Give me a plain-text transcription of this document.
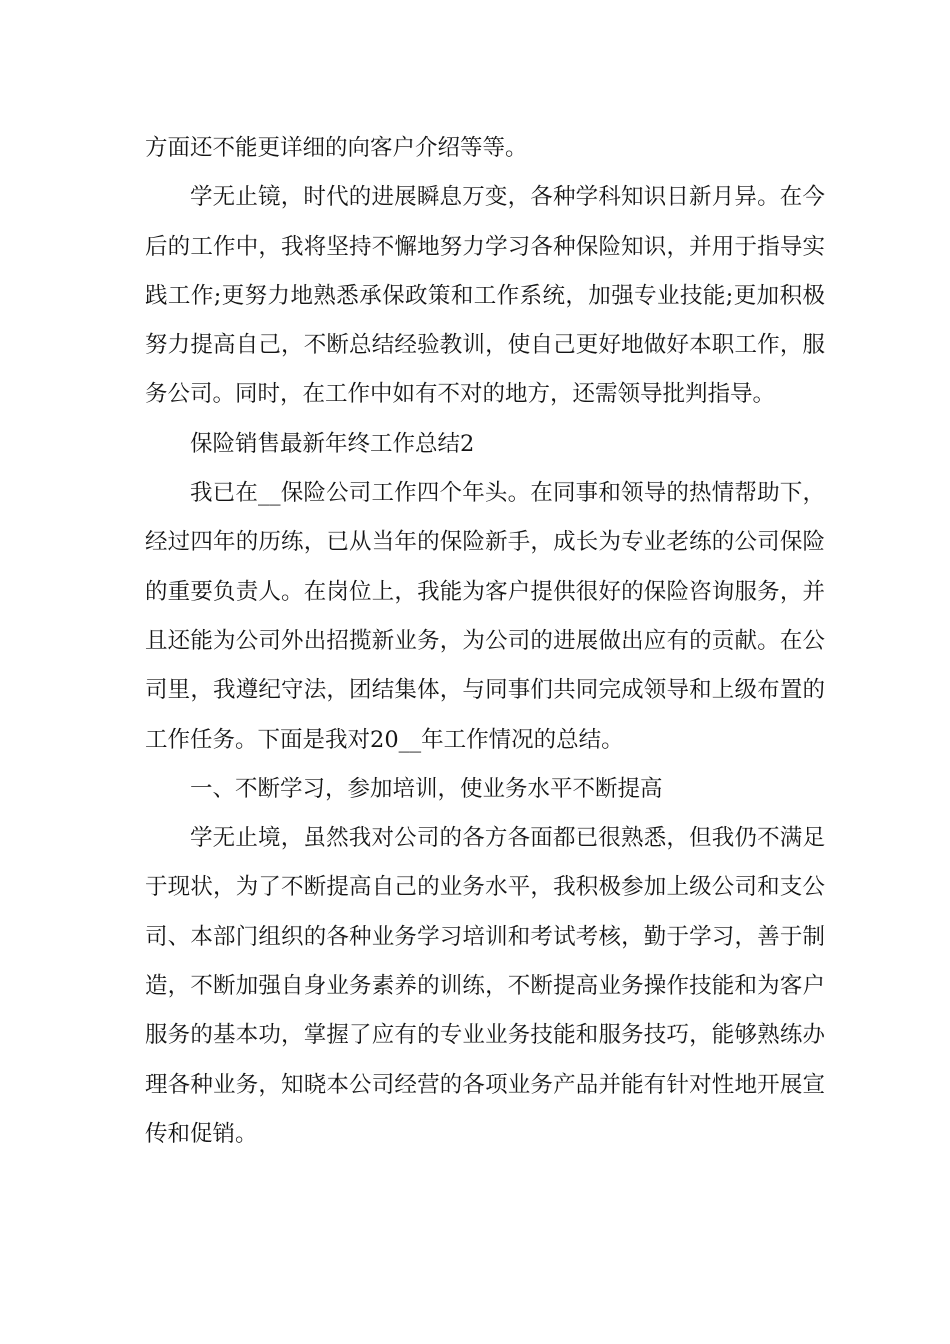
方面还不能更详细的向客户介绍等等。

学无止镜，时代的进展瞬息万变，各种学科知识日新月异。在今后的工作中，我将坚持不懈地努力学习各种保险知识，并用于指导实践工作;更努力地熟悉承保政策和工作系统，加强专业技能;更加积极努力提高自己，不断总结经验教训，使自己更好地做好本职工作，服务公司。同时，在工作中如有不对的地方，还需领导批判指导。

保险销售最新年终工作总结2

我已在__保险公司工作四个年头。在同事和领导的热情帮助下，经过四年的历练，已从当年的保险新手，成长为专业老练的公司保险的重要负责人。在岗位上，我能为客户提供很好的保险咨询服务，并且还能为公司外出招揽新业务，为公司的进展做出应有的贡献。在公司里，我遵纪守法，团结集体，与同事们共同完成领导和上级布置的工作任务。下面是我对20__年工作情况的总结。

一、不断学习，参加培训，使业务水平不断提高

学无止境，虽然我对公司的各方各面都已很熟悉，但我仍不满足于现状，为了不断提高自己的业务水平，我积极参加上级公司和支公司、本部门组织的各种业务学习培训和考试考核，勤于学习，善于制造，不断加强自身业务素养的训练，不断提高业务操作技能和为客户服务的基本功，掌握了应有的专业业务技能和服务技巧，能够熟练办理各种业务，知晓本公司经营的各项业务产品并能有针对性地开展宣传和促销。
